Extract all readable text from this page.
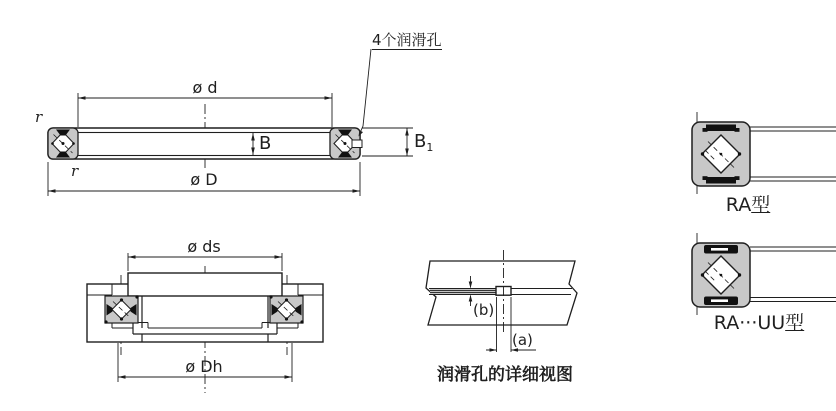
4个润滑孔
ø d
ø D
B	$B_1$
r
r
ø ds
ø Dh
(b)
(a)
润滑孔的详细视图
RA型
RA···UU型
